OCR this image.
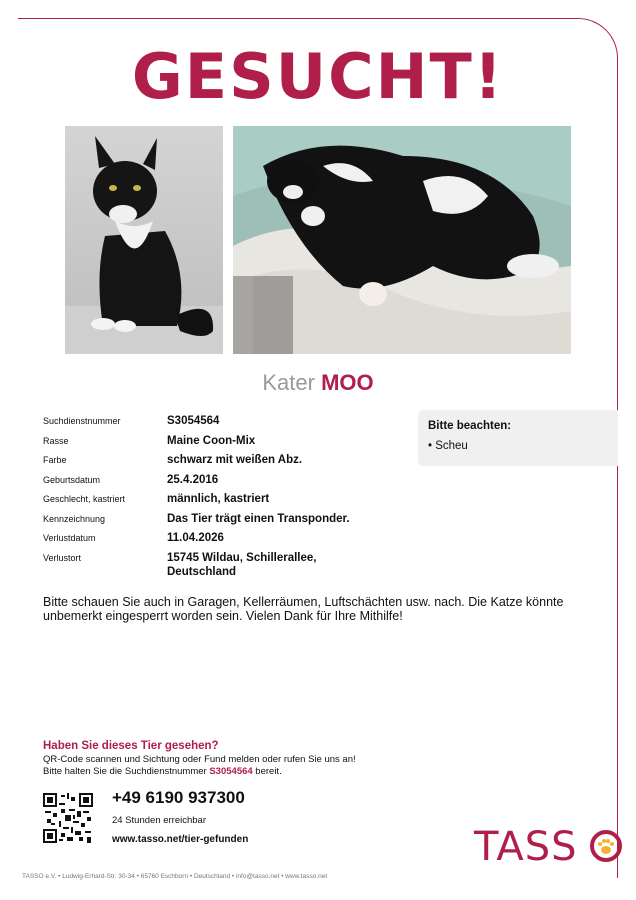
GESUCHT!
Kater MOO
Suchdienstnummer	S3054564
Rasse	Maine Coon-Mix
Farbe	schwarz mit weißen Abz.
Geburtsdatum	25.4.2016
Geschlecht, kastriert	männlich, kastriert
Kennzeichnung	Das Tier trägt einen Transponder.
Verlustdatum	11.04.2026
Verlustort	15745 Wildau, Schillerallee,
Deutschland
Bitte beachten:
• Scheu
Bitte schauen Sie auch in Garagen, Kellerräumen, Luftschächten usw. nach. Die Katze könnte
unbemerkt eingesperrt worden sein. Vielen Dank für Ihre Mithilfe!
Haben Sie dieses Tier gesehen?
QR-Code scannen und Sichtung oder Fund melden oder rufen Sie uns an!
Bitte halten Sie die Suchdienstnummer S3054564 bereit.
+49 6190 937300
24 Stunden erreichbar
www.tasso.net/tier-gefunden	TASS
TASSO e.V. • Ludwig-Erhard-Str. 30-34 • 65760 Eschborn • Deutschland • info@tasso.net • www.tasso.net
